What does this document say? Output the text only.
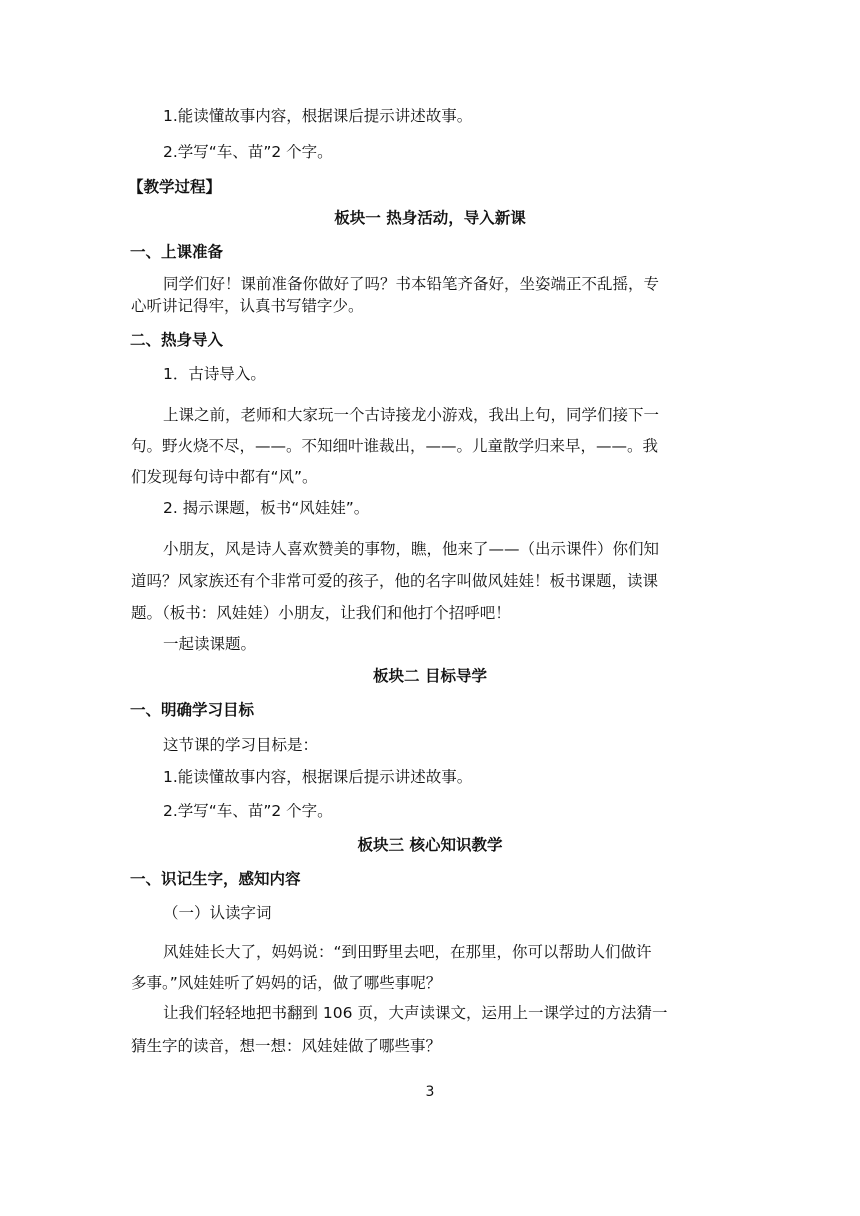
1.能读懂故事内容，根据课后提示讲述故事。
2.学写“车、苗”2 个字。
【教学过程】
板块一 热身活动，导入新课
一、上课准备
同学们好！课前准备你做好了吗？书本铅笔齐备好，坐姿端正不乱摇，专
心听讲记得牢，认真书写错字少。
二、热身导入
1．古诗导入。
上课之前，老师和大家玩一个古诗接龙小游戏，我出上句，同学们接下一
句。野火烧不尽，——。不知细叶谁裁出，——。儿童散学归来早，——。我
们发现每句诗中都有“风”。
2. 揭示课题，板书“风娃娃”。
小朋友，风是诗人喜欢赞美的事物，瞧，他来了——（出示课件）你们知
道吗？风家族还有个非常可爱的孩子，他的名字叫做风娃娃！板书课题，读课
题。（板书：风娃娃）小朋友，让我们和他打个招呼吧！
一起读课题。
板块二 目标导学
一、明确学习目标
这节课的学习目标是：
1.能读懂故事内容，根据课后提示讲述故事。
2.学写“车、苗”2 个字。
板块三 核心知识教学
一、识记生字，感知内容
（一）认读字词
风娃娃长大了，妈妈说：“到田野里去吧，在那里，你可以帮助人们做许
多事。”风娃娃听了妈妈的话，做了哪些事呢？
让我们轻轻地把书翻到 106 页，大声读课文，运用上一课学过的方法猜一
猜生字的读音，想一想：风娃娃做了哪些事？
3
